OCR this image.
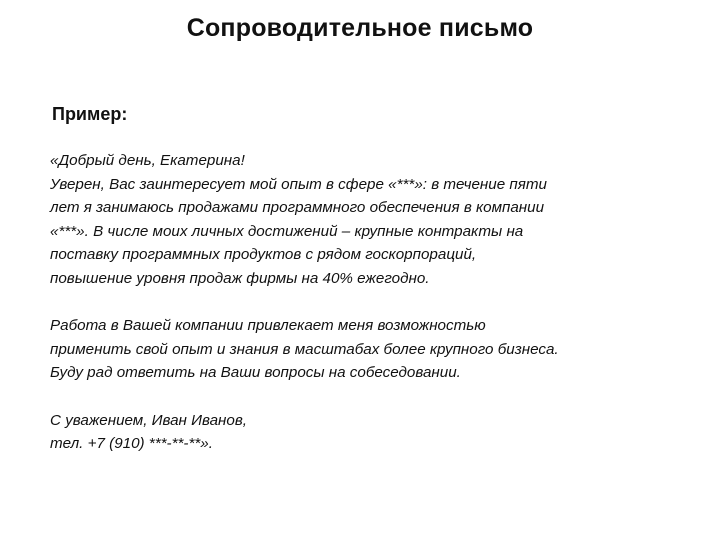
Сопроводительное письмо
Пример:
«Добрый день, Екатерина!
Уверен, Вас заинтересует мой опыт в сфере «***»: в течение пяти
лет я занимаюсь продажами программного обеспечения в компании
«***». В числе моих личных достижений – крупные контракты на
поставку программных продуктов с рядом госкорпораций,
повышение уровня продаж фирмы на 40% ежегодно.
Работа в Вашей компании привлекает меня возможностью
применить свой опыт и знания в масштабах более крупного бизнеса.
Буду рад ответить на Ваши вопросы на собеседовании.
С уважением, Иван Иванов,
тел. +7 (910) ***-**-**».
